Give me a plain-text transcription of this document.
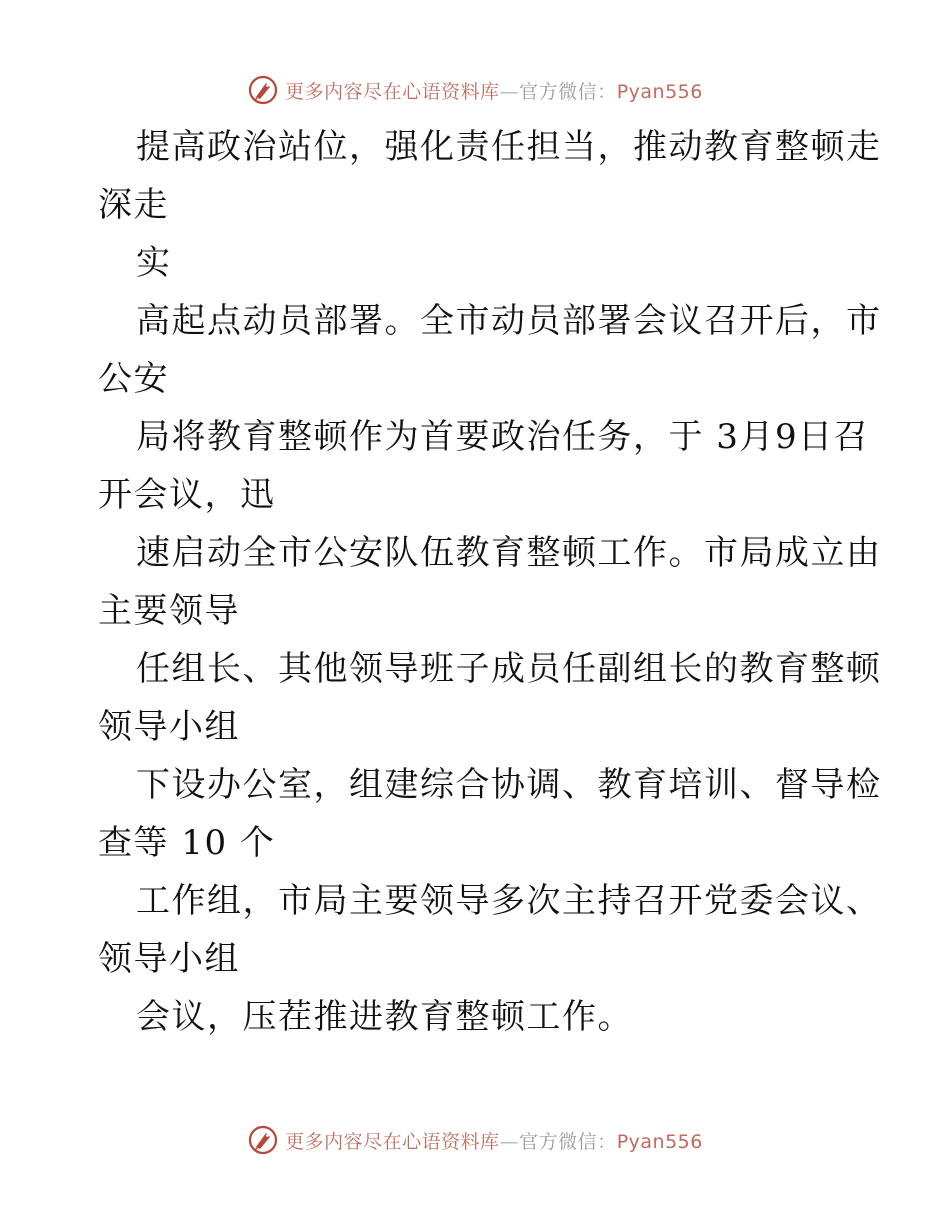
更多内容尽在心语资料库—官方微信：Pyan556
提高政治站位，强化责任担当，推动教育整顿走
深走
实
高起点动员部署。全市动员部署会议召开后，市
公安
局将教育整顿作为首要政治任务，于 3月9日召
开会议，迅
速启动全市公安队伍教育整顿工作。市局成立由
主要领导
任组长、其他领导班子成员任副组长的教育整顿
领导小组
下设办公室，组建综合协调、教育培训、督导检
查等 10 个
工作组，市局主要领导多次主持召开党委会议、
领导小组
会议，压茬推进教育整顿工作。
更多内容尽在心语资料库—官方微信：Pyan556
